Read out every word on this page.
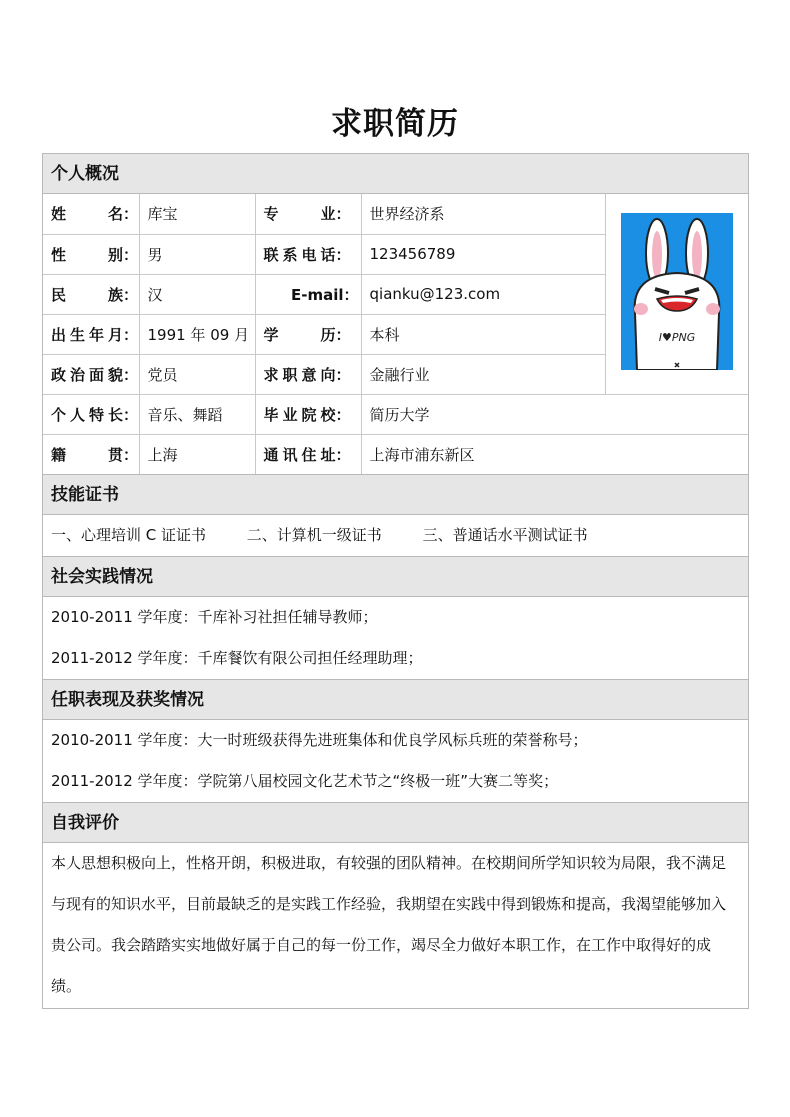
求职简历
个人概况
姓名：	库宝	专业：	世界经济系	I♥PNG

性别：	男	联系电话：	123456789	
民族：	汉	E-mail：	qianku@123.com	
出生年月：	1991 年 09 月	学历：	本科	
政治面貌：	党员	求职意向：	金融行业	
个人特长：	音乐、舞蹈	毕业院校：	简历大学	
籍贯：	上海	通讯住址：	上海市浦东新区	
技能证书
一、心理培训 C 证证书	二、计算机一级证书	三、普通话水平测试证书
社会实践情况
2010-2011 学年度：千库补习社担任辅导教师；
2011-2012 学年度：千库餐饮有限公司担任经理助理；
任职表现及获奖情况
2010-2011 学年度：大一时班级获得先进班集体和优良学风标兵班的荣誉称号；
2011-2012 学年度：学院第八届校园文化艺术节之“终极一班”大赛二等奖；
自我评价
本人思想积极向上，性格开朗，积极进取，有较强的团队精神。在校期间所学知识较为局限，我不满足与现有的知识水平，目前最缺乏的是实践工作经验，我期望在实践中得到锻炼和提高，我渴望能够加入贵公司。我会踏踏实实地做好属于自己的每一份工作，竭尽全力做好本职工作，在工作中取得好的成绩。
